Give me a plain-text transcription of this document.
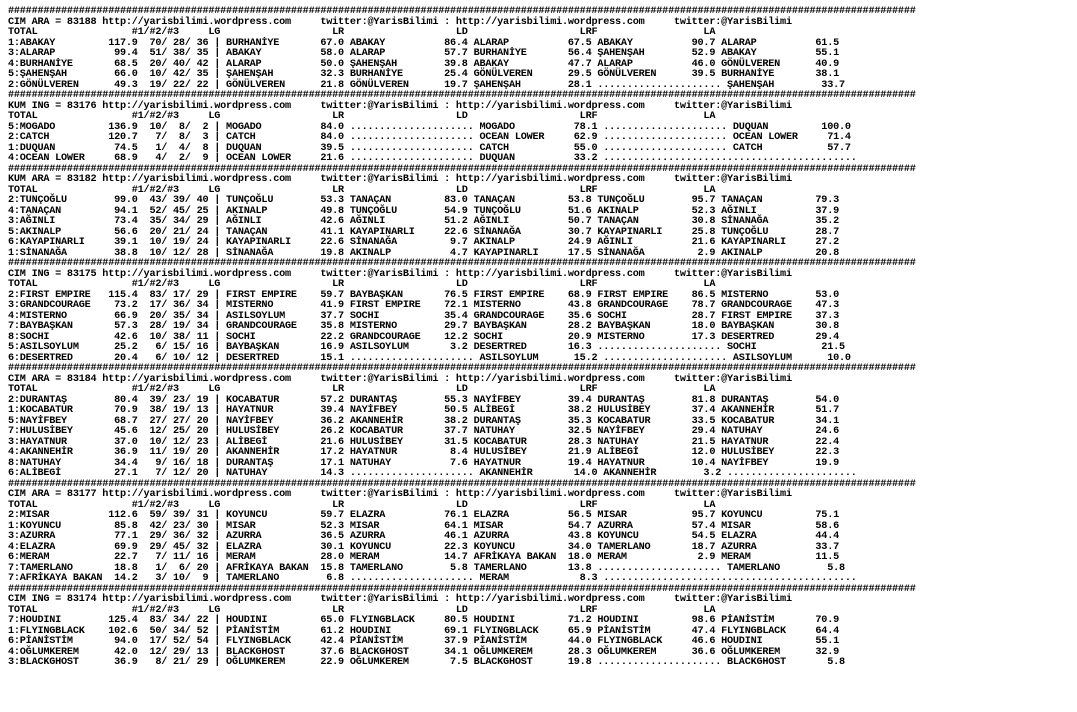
##########################################################################################################################################################
CIM ARA = 83188 http://yarisbilimi.wordpress.com     twitter:@YarisBilimi : http://yarisbilimi.wordpress.com     twitter:@YarisBilimi
TOTAL                #1/#2/#3     LG                   LR                   LD                   LRF                  LA
1:ABAKAY         117.9  70/ 28/ 36 | BURHANİYE       67.0 ABAKAY          86.4 ALARAP          67.5 ABAKAY          90.7 ALARAP          61.5
3:ALARAP          99.4  51/ 38/ 35 | ABAKAY          58.0 ALARAP          57.7 BURHANİYE       56.4 ŞAHENŞAH        52.9 ABAKAY          55.1
4:BURHANİYE       68.5  20/ 40/ 42 | ALARAP          50.0 ŞAHENŞAH        39.8 ABAKAY          47.7 ALARAP          46.0 GÖNÜLVEREN      40.9
5:ŞAHENŞAH        66.0  10/ 42/ 35 | ŞAHENŞAH        32.3 BURHANİYE       25.4 GÖNÜLVEREN      29.5 GÖNÜLVEREN      39.5 BURHANİYE       38.1
2:GÖNÜLVEREN      49.3  19/ 22/ 22 | GÖNÜLVEREN      21.8 GÖNÜLVEREN      19.7 ŞAHENŞAH        28.1 ..................... ŞAHENŞAH        33.7
##########################################################################################################################################################
KUM ING = 83176 http://yarisbilimi.wordpress.com     twitter:@YarisBilimi : http://yarisbilimi.wordpress.com     twitter:@YarisBilimi
TOTAL                #1/#2/#3     LG                   LR                   LD                   LRF                  LA
5:MOGADO         136.9  10/  8/  2 | MOGADO          84.0 ..................... MOGADO          78.1 ..................... DUQUAN         100.0
2:CATCH          120.7   7/  8/  3 | CATCH           84.0 ..................... OCEAN LOWER     62.9 ..................... OCEAN LOWER     71.4
1:DUQUAN          74.5   1/  4/  8 | DUQUAN          39.5 ..................... CATCH           55.0 ..................... CATCH           57.7
4:OCEAN LOWER     68.9   4/  2/  9 | OCEAN LOWER     21.6 ..................... DUQUAN          33.2 ...........................................
##########################################################################################################################################################
KUM ARA = 83182 http://yarisbilimi.wordpress.com     twitter:@YarisBilimi : http://yarisbilimi.wordpress.com     twitter:@YarisBilimi
TOTAL                #1/#2/#3     LG                   LR                   LD                   LRF                  LA
2:TUNÇOĞLU        99.0  43/ 39/ 40 | TUNÇOĞLU        53.3 TANAÇAN         83.0 TANAÇAN         53.8 TUNÇOĞLU        95.7 TANAÇAN         79.3
4:TANAÇAN         94.1  52/ 45/ 25 | AKINALP         49.8 TUNÇOĞLU        54.9 TUNÇOĞLU        51.6 AKINALP         52.3 AĞINLI          37.9
3:AĞINLI          73.4  35/ 34/ 29 | AĞINLI          42.6 AĞINLI          51.2 AĞINLI          50.7 TANAÇAN         30.8 SİNANAĞA        35.2
5:AKINALP         56.6  20/ 21/ 24 | TANAÇAN         41.1 KAYAPINARLI     22.6 SİNANAĞA        30.7 KAYAPINARLI     25.8 TUNÇOĞLU        28.7
6:KAYAPINARLI     39.1  10/ 19/ 24 | KAYAPINARLI     22.6 SİNANAĞA         9.7 AKINALP         24.9 AĞINLI          21.6 KAYAPINARLI     27.2
1:SİNANAĞA        38.8  10/ 12/ 28 | SİNANAĞA        19.8 AKINALP          4.7 KAYAPINARLI     17.5 SİNANAĞA         2.9 AKINALP         20.8
##########################################################################################################################################################
CIM ING = 83175 http://yarisbilimi.wordpress.com     twitter:@YarisBilimi : http://yarisbilimi.wordpress.com     twitter:@YarisBilimi
TOTAL                #1/#2/#3     LG                   LR                   LD                   LRF                  LA
2:FIRST EMPIRE   115.4  83/ 17/ 29 | FIRST EMPIRE    59.7 BAYBAŞKAN       76.5 FIRST EMPIRE    68.9 FIRST EMPIRE    86.5 MISTERNO        53.0
3:GRANDCOURAGE    73.2  17/ 36/ 34 | MISTERNO        41.9 FIRST EMPIRE    72.1 MISTERNO        43.8 GRANDCOURAGE    78.7 GRANDCOURAGE    47.3
4:MISTERNO        66.9  20/ 35/ 34 | ASILSOYLUM      37.7 SOCHI           35.4 GRANDCOURAGE    35.6 SOCHI           28.7 FIRST EMPIRE    37.3
7:BAYBAŞKAN       57.3  28/ 19/ 34 | GRANDCOURAGE    35.8 MISTERNO        29.7 BAYBAŞKAN       28.2 BAYBAŞKAN       18.0 BAYBAŞKAN       30.8
8:SOCHI           42.6  10/ 38/ 11 | SOCHI           22.2 GRANDCOURAGE    12.2 SOCHI           20.9 MISTERNO        17.3 DESERTRED       29.4
5:ASILSOYLUM      25.2   6/ 15/ 16 | BAYBAŞKAN       16.9 ASILSOYLUM       3.2 DESERTRED       16.3 ..................... SOCHI           21.5
6:DESERTRED       20.4   6/ 10/ 12 | DESERTRED       15.1 ..................... ASILSOYLUM      15.2 ..................... ASILSOYLUM      10.0
##########################################################################################################################################################
CIM ARA = 83184 http://yarisbilimi.wordpress.com     twitter:@YarisBilimi : http://yarisbilimi.wordpress.com     twitter:@YarisBilimi
TOTAL                #1/#2/#3     LG                   LR                   LD                   LRF                  LA
2:DURANTAŞ        80.4  39/ 23/ 19 | KOCABATUR       57.2 DURANTAŞ        55.3 NAYİFBEY        39.4 DURANTAŞ        81.8 DURANTAŞ        54.0
1:KOCABATUR       70.9  38/ 19/ 13 | HAYATNUR        39.4 NAYİFBEY        50.5 ALİBEGİ         38.2 HULUSİBEY       37.4 AKANNEHİR       51.7
5:NAYİFBEY        68.7  27/ 27/ 20 | NAYİFBEY        36.2 AKANNEHİR       38.2 DURANTAŞ        35.3 KOCABATUR       33.5 KOCABATUR       34.1
7:HULUSİBEY       45.6  12/ 25/ 20 | HULUSİBEY       26.2 KOCABATUR       37.7 NATUHAY         32.5 NAYİFBEY        29.4 NATUHAY         24.6
3:HAYATNUR        37.0  10/ 12/ 23 | ALİBEGİ         21.6 HULUSİBEY       31.5 KOCABATUR       28.3 NATUHAY         21.5 HAYATNUR        22.4
4:AKANNEHİR       36.9  11/ 19/ 20 | AKANNEHİR       17.2 HAYATNUR         8.4 HULUSİBEY       21.9 ALİBEGİ         12.0 HULUSİBEY       22.3
8:NATUHAY         34.4   9/ 16/ 18 | DURANTAŞ        17.1 NATUHAY          7.6 HAYATNUR        19.4 HAYATNUR        10.4 NAYİFBEY        19.9
6:ALİBEGİ         27.1   7/ 12/ 20 | NATUHAY         14.3 ..................... AKANNEHİR       14.0 AKANNEHİR        3.2 ......................
##########################################################################################################################################################
CIM ARA = 83177 http://yarisbilimi.wordpress.com     twitter:@YarisBilimi : http://yarisbilimi.wordpress.com     twitter:@YarisBilimi
TOTAL                #1/#2/#3     LG                   LR                   LD                   LRF                  LA
2:MISAR          112.6  59/ 39/ 31 | KOYUNCU         59.7 ELAZRA          76.1 ELAZRA          56.5 MISAR           95.7 KOYUNCU         75.1
1:KOYUNCU         85.8  42/ 23/ 30 | MISAR           52.3 MISAR           64.1 MISAR           54.7 AZURRA          57.4 MISAR           58.6
3:AZURRA          77.1  29/ 36/ 32 | AZURRA          36.5 AZURRA          46.1 AZURRA          43.8 KOYUNCU         54.5 ELAZRA          44.4
4:ELAZRA          69.9  29/ 45/ 32 | ELAZRA          30.1 KOYUNCU         22.3 KOYUNCU         34.0 TAMERLANO       18.7 AZURRA          33.7
6:MERAM           22.7   7/ 11/ 16 | MERAM           28.0 MERAM           14.7 AFRİKAYA BAKAN  18.0 MERAM            2.9 MERAM           11.5
7:TAMERLANO       18.8   1/  6/ 20 | AFRİKAYA BAKAN  15.8 TAMERLANO        5.8 TAMERLANO       13.8 ..................... TAMERLANO        5.8
7:AFRİKAYA BAKAN  14.2   3/ 10/  9 | TAMERLANO        6.8 ..................... MERAM            8.3 ...........................................
##########################################################################################################################################################
CIM ING = 83174 http://yarisbilimi.wordpress.com     twitter:@YarisBilimi : http://yarisbilimi.wordpress.com     twitter:@YarisBilimi
TOTAL                #1/#2/#3     LG                   LR                   LD                   LRF                  LA
7:HOUDINI        125.4  83/ 34/ 22 | HOUDINI         65.0 FLYINGBLACK     80.5 HOUDINI         71.2 HOUDINI         98.6 PİANİSTİM       70.9
1:FLYINGBLACK    102.6  50/ 34/ 52 | PİANİSTİM       61.2 HOUDINI         69.1 FLYINGBLACK     65.9 PİANİSTİM       47.4 FLYINGBLACK     64.4
6:PİANİSTİM       94.0  17/ 52/ 54 | FLYINGBLACK     42.4 PİANİSTİM       37.9 PİANİSTİM       44.0 FLYINGBLACK     46.6 HOUDINI         55.1
4:OĞLUMKEREM      42.0  12/ 29/ 13 | BLACKGHOST      37.6 BLACKGHOST      34.1 OĞLUMKEREM      28.3 OĞLUMKEREM      36.6 OĞLUMKEREM      32.9
3:BLACKGHOST      36.9   8/ 21/ 29 | OĞLUMKEREM      22.9 OĞLUMKEREM       7.5 BLACKGHOST      19.8 ..................... BLACKGHOST       5.8
